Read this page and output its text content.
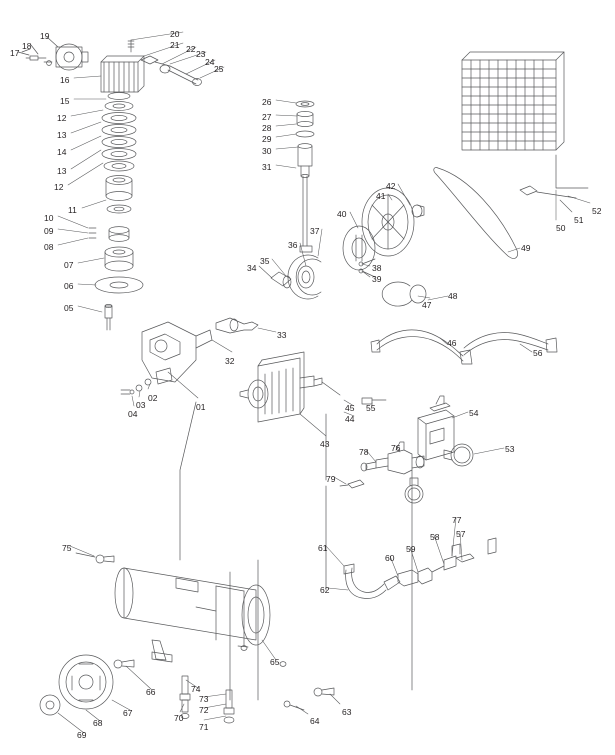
17
18
19	20
21 22 23
24
25
16
15
12
13
14
13
12
11
10
09
08
07
06
05
26
27
28
29
30
31
42
41
40
37
36
35
34	38
39
47
48
49
50
51
52
46
56
33
32
01
02
03
04
43
44
45 55	54
53
76
78
79
77
57
58
59
60
61
62
75
65
66
67
68
69
70
71
72
73
74
63
64
